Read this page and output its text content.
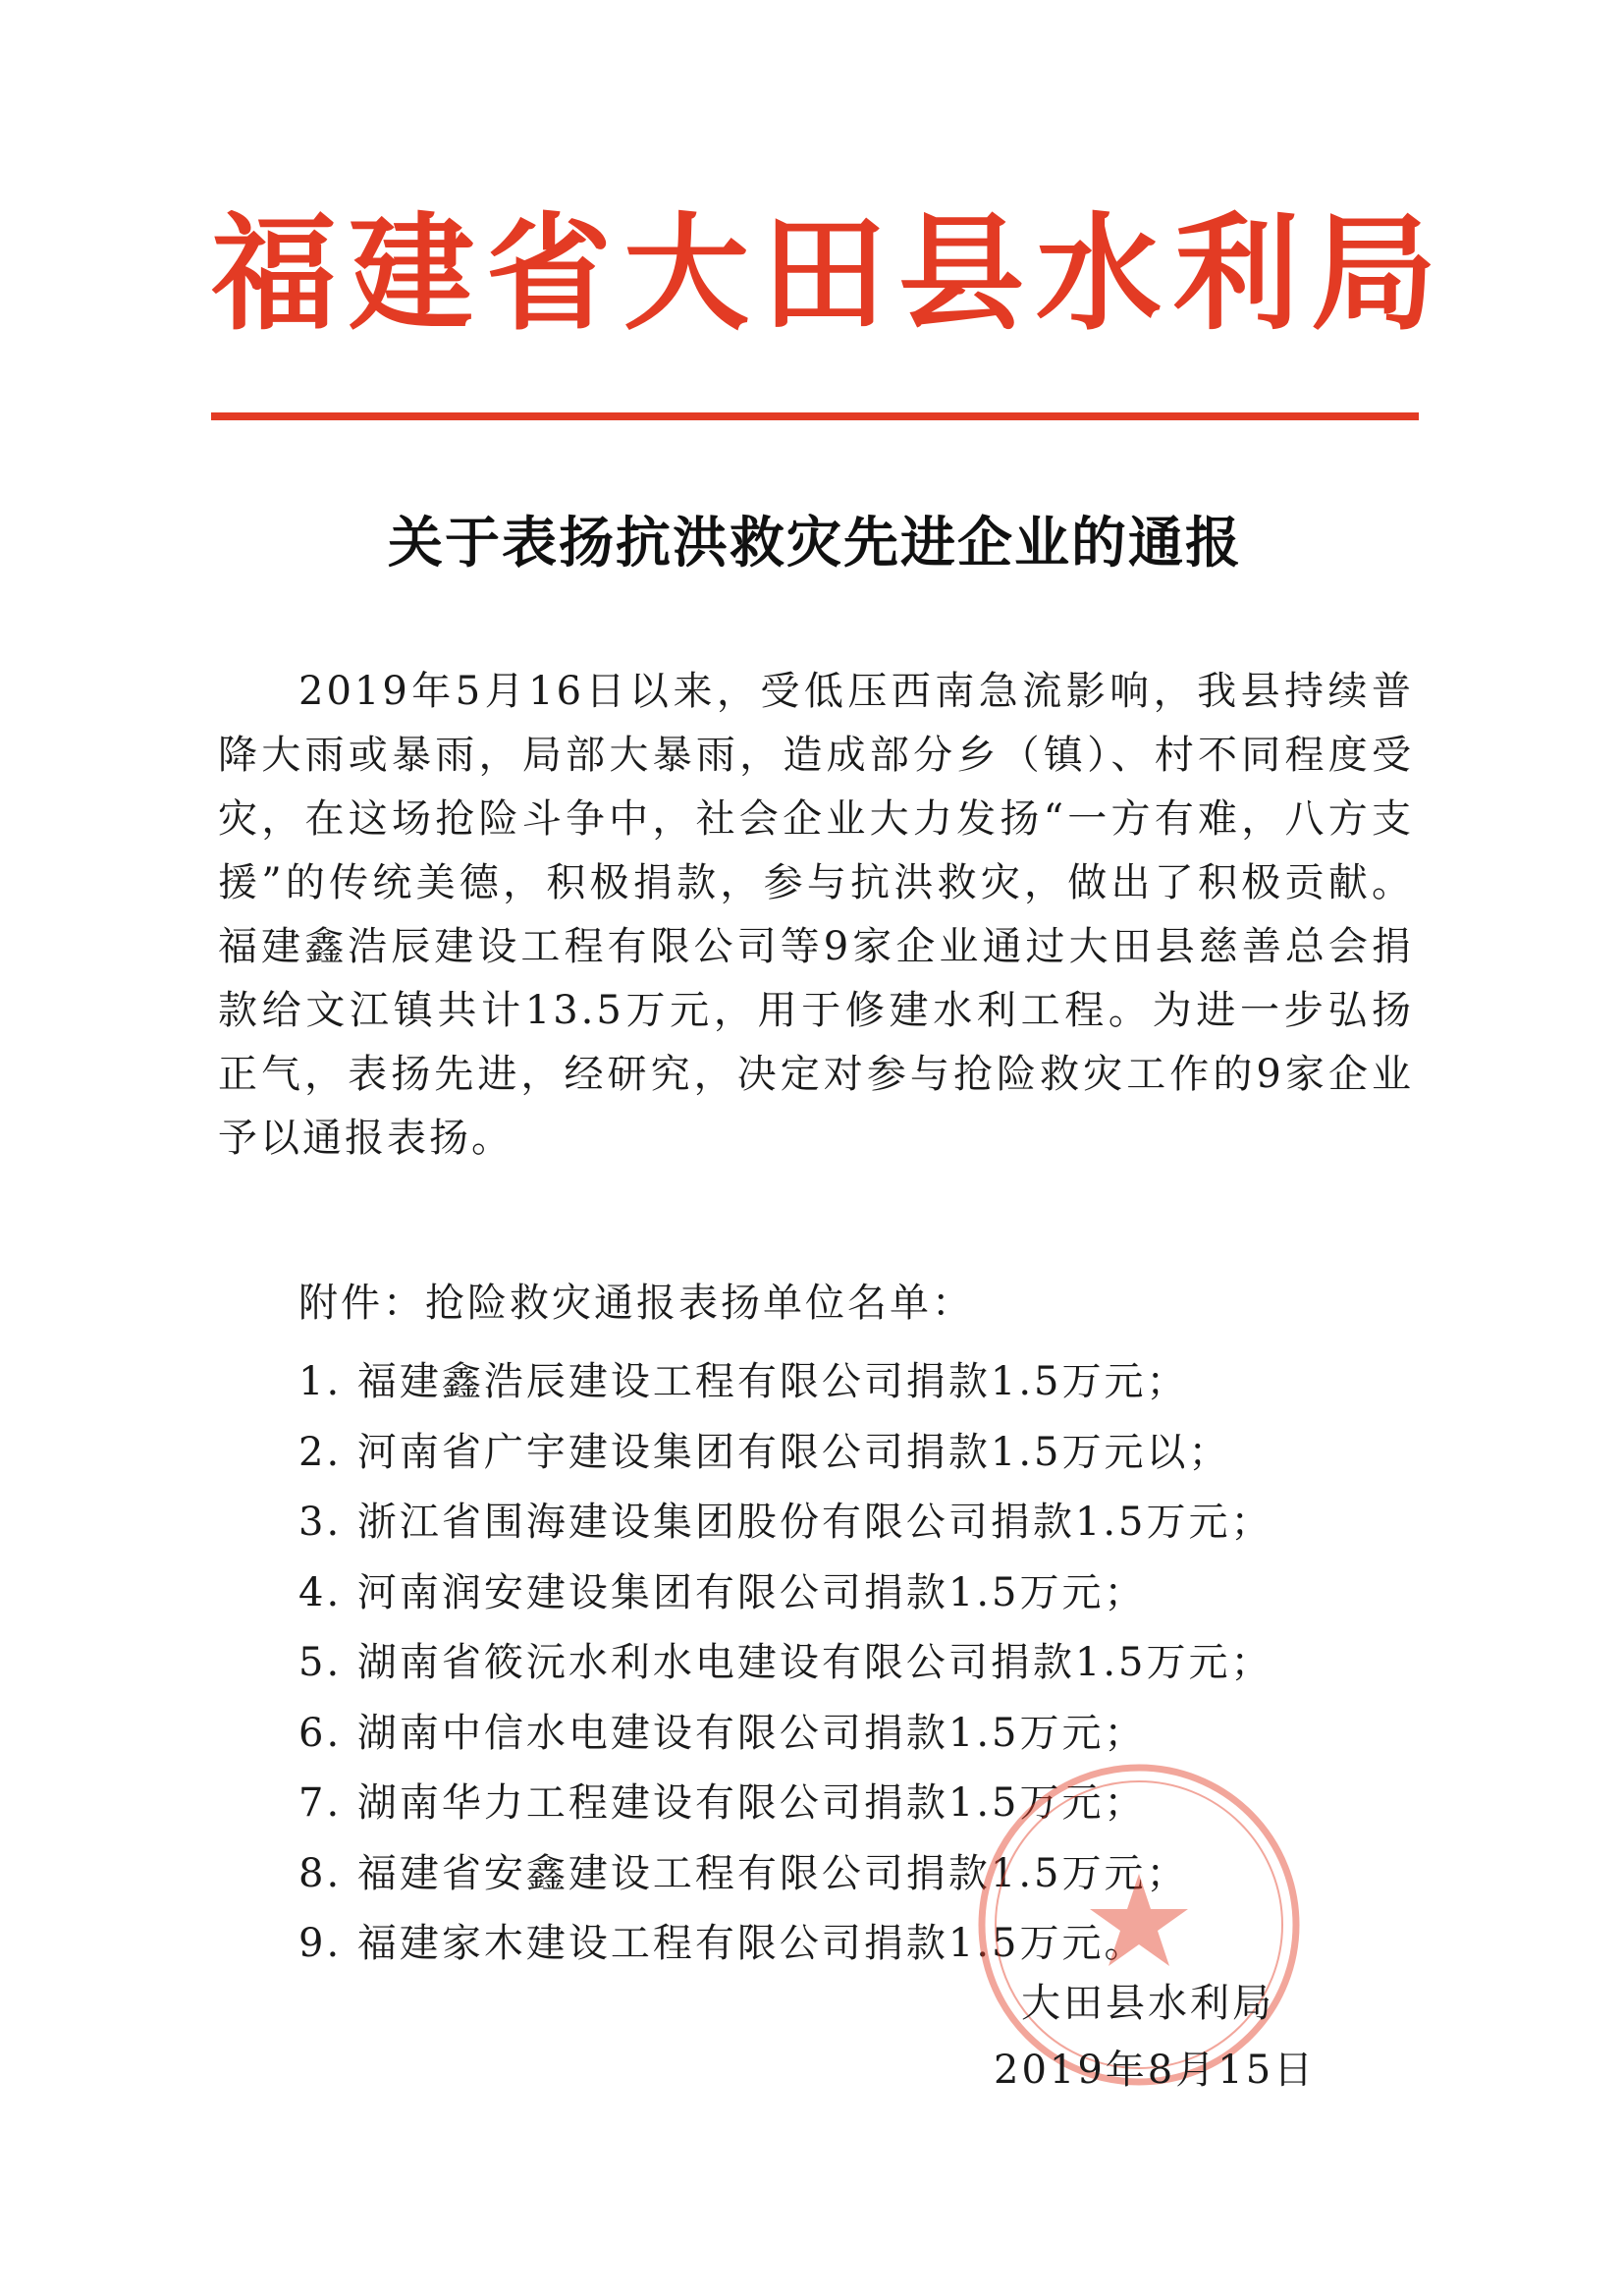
福建省大田县水利局
关于表扬抗洪救灾先进企业的通报

2019年5月16日以来，受低压西南急流影响，我县持续普降大雨或暴雨，局部大暴雨，造成部分乡（镇）、村不同程度受灾，在这场抢险斗争中，社会企业大力发扬“一方有难，八方支援”的传统美德，积极捐款，参与抗洪救灾，做出了积极贡献。福建鑫浩辰建设工程有限公司等9家企业通过大田县慈善总会捐款给文江镇共计13.5万元，用于修建水利工程。为进一步弘扬正气，表扬先进，经研究，决定对参与抢险救灾工作的9家企业予以通报表扬。

附件：抢险救灾通报表扬单位名单：
1. 福建鑫浩辰建设工程有限公司捐款1.5万元；
2. 河南省广宇建设集团有限公司捐款1.5万元以；
3. 浙江省围海建设集团股份有限公司捐款1.5万元；
4. 河南润安建设集团有限公司捐款1.5万元；
5. 湖南省筱沅水利水电建设有限公司捐款1.5万元；
6. 湖南中信水电建设有限公司捐款1.5万元；
7. 湖南华力工程建设有限公司捐款1.5万元；
8. 福建省安鑫建设工程有限公司捐款1.5万元；
9. 福建家木建设工程有限公司捐款1.5万元。
大田县水利局
2019年8月15日
